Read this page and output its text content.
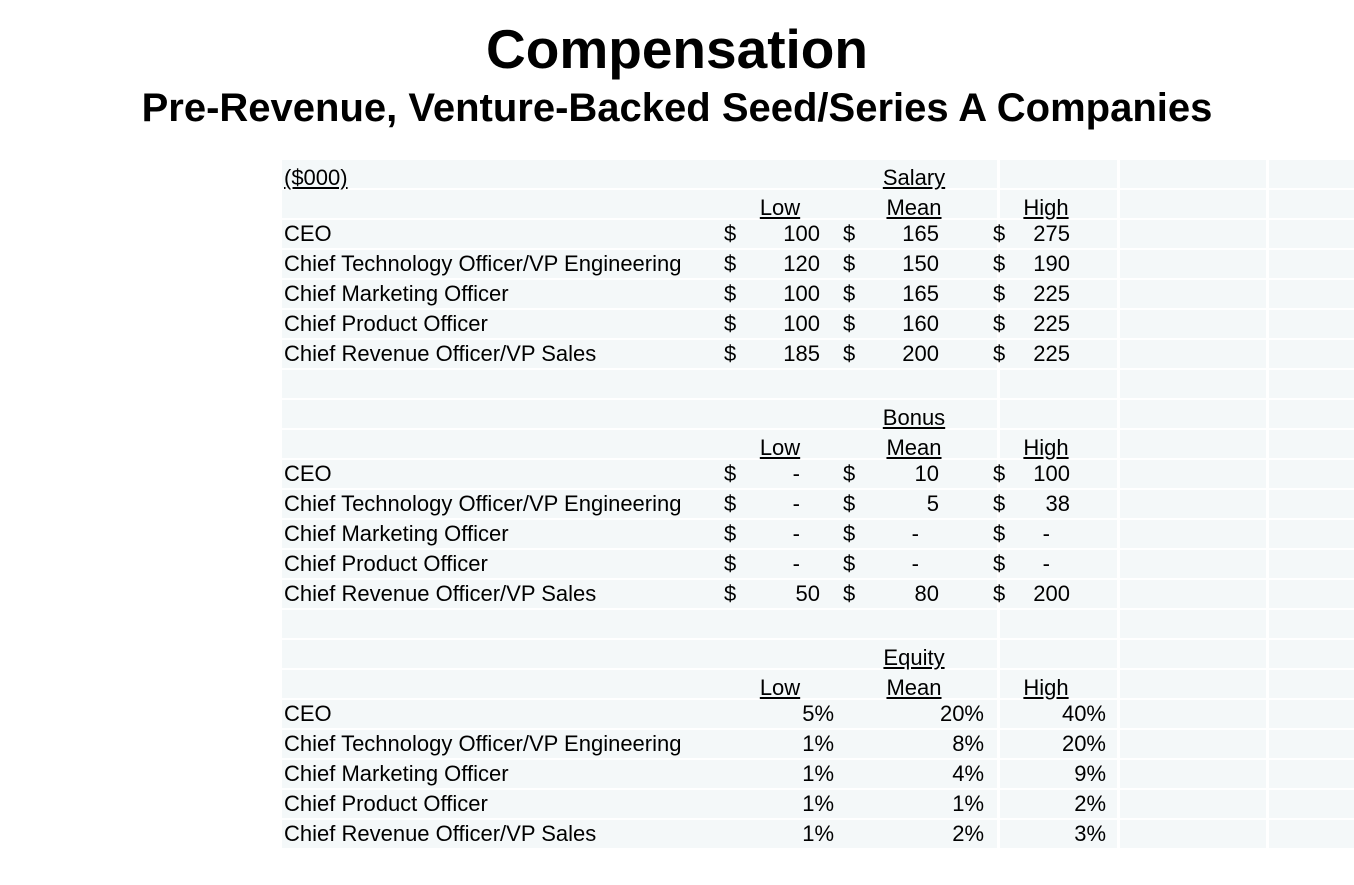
Compensation
Pre-Revenue, Venture-Backed Seed/Series A Companies
($000)	Salary
Low	Mean	High
CEO	$	100 $	165 $	275
Chief Technology Officer/VP Engineering $	120 $	150 $	190
Chief Marketing Officer	$	100 $	165 $	225
Chief Product Officer	$	100 $	160 $	225
Chief Revenue Officer/VP Sales	$	185 $	200 $	225
Bonus
Low	Mean	High
CEO	$	- $	10 $	100
Chief Technology Officer/VP Engineering $	- $	5 $	38
Chief Marketing Officer	$	- $	-	$	-
Chief Product Officer	$	- $	-	$	-
Chief Revenue Officer/VP Sales	$	50 $	80 $	200
Equity
Low	Mean	High
CEO	5%	20%	40%
Chief Technology Officer/VP Engineering	1%	8%	20%
Chief Marketing Officer	1%	4%	9%
Chief Product Officer	1%	1%	2%
Chief Revenue Officer/VP Sales	1%	2%	3%
